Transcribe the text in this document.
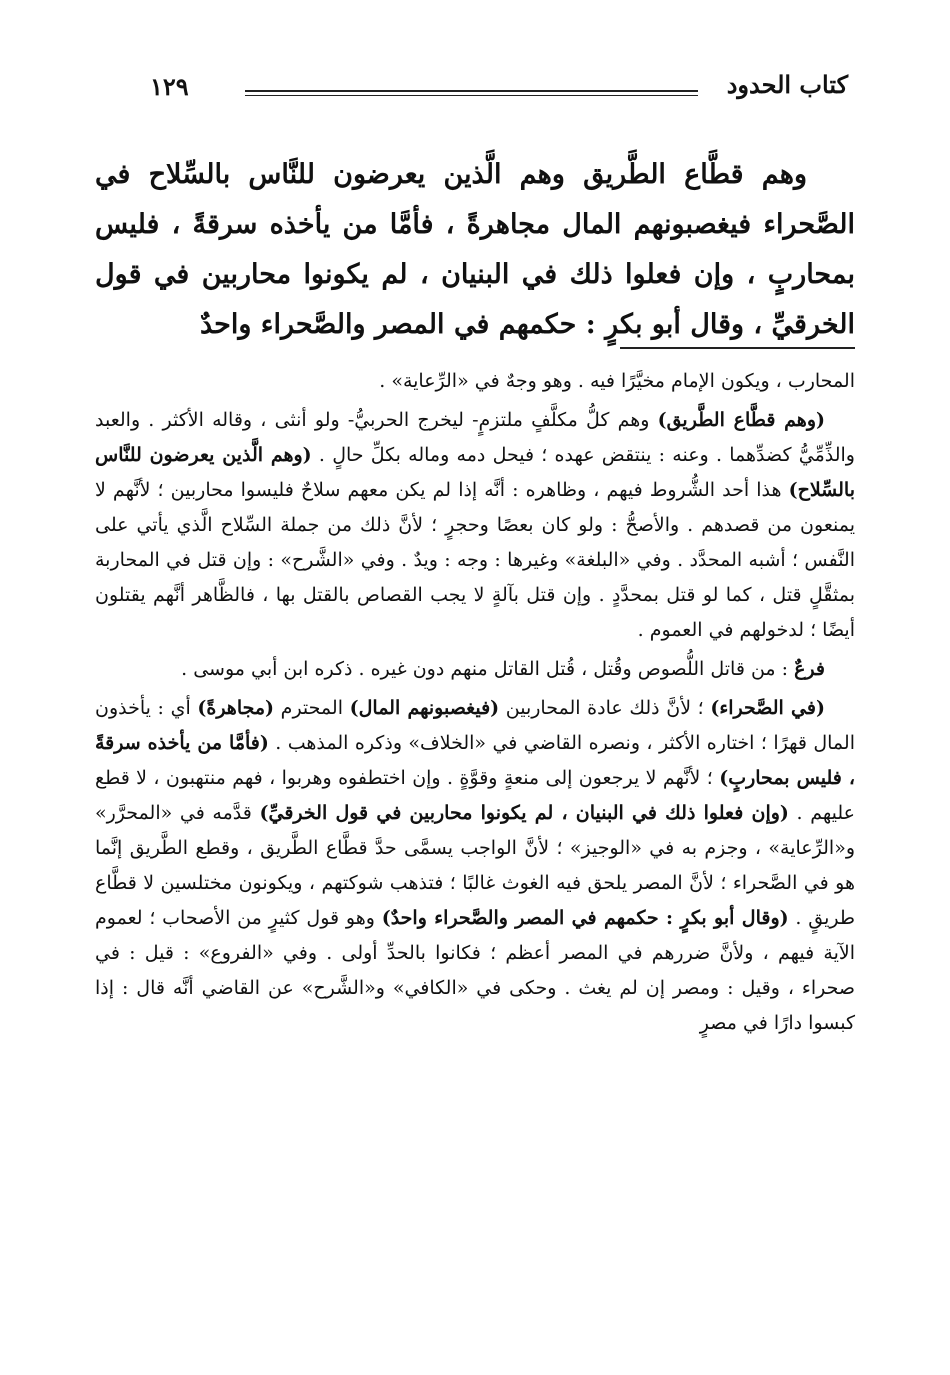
كتاب الحدود
١٢٩

وهم قطَّاع الطَّريق وهم الَّذين يعرضون للنَّاس بالسِّلاح في الصَّحراء فيغصبونهم المال مجاهرةً ، فأمَّا من يأخذه سرقةً ، فليس بمحاربٍ ، وإن فعلوا ذلك في البنيان ، لم يكونوا محاربين في قول الخرقيِّ ، وقال أبو بكرٍ : حكمهم في المصر والصَّحراء واحدٌ

المحارب ، ويكون الإمام مخيَّرًا فيه . وهو وجهٌ في «الرِّعاية» .

(وهم قطَّاع الطَّريق) وهم كلُّ مكلَّفٍ ملتزمٍ- ليخرج الحربيُّ- ولو أنثى ، وقاله الأكثر . والعبد والذِّمِّيُّ كضدِّهما . وعنه : ينتقض عهده ؛ فيحل دمه وماله بكلِّ حالٍ . (وهم الَّذين يعرضون للنَّاس بالسِّلاح) هذا أحد الشُّروط فيهم ، وظاهره : أنَّه إذا لم يكن معهم سلاحٌ فليسوا محاربين ؛ لأنَّهم لا يمنعون من قصدهم . والأصحُّ : ولو كان بعصًا وحجرٍ ؛ لأنَّ ذلك من جملة السِّلاح الَّذي يأتي على النَّفس ؛ أشبه المحدَّد . وفي «البلغة» وغيرها : وجه : ويدٌ . وفي «الشَّرح» : وإن قتل في المحاربة بمثقَّلٍ قتل ، كما لو قتل بمحدَّدٍ . وإن قتل بآلةٍ لا يجب القصاص بالقتل بها ، فالظَّاهر أنَّهم يقتلون أيضًا ؛ لدخولهم في العموم .

فرعٌ : من قاتل اللُّصوص وقُتل ، قُتل القاتل منهم دون غيره . ذكره ابن أبي موسى .

(في الصَّحراء) ؛ لأنَّ ذلك عادة المحاربين (فيغصبونهم المال) المحترم (مجاهرةً) أي : يأخذون المال قهرًا ؛ اختاره الأكثر ، ونصره القاضي في «الخلاف» وذكره المذهب . (فأمَّا من يأخذه سرقةً ، فليس بمحاربٍ) ؛ لأنَّهم لا يرجعون إلى منعةٍ وقوَّةٍ . وإن اختطفوه وهربوا ، فهم منتهبون ، لا قطع عليهم . (وإن فعلوا ذلك في البنيان ، لم يكونوا محاربين في قول الخرقيِّ) قدَّمه في «المحرَّر» و«الرِّعاية» ، وجزم به في «الوجيز» ؛ لأنَّ الواجب يسمَّى حدَّ قطَّاع الطَّريق ، وقطع الطَّريق إنَّما هو في الصَّحراء ؛ لأنَّ المصر يلحق فيه الغوث غالبًا ؛ فتذهب شوكتهم ، ويكونون مختلسين لا قطَّاع طريقٍ . (وقال أبو بكرٍ : حكمهم في المصر والصَّحراء واحدٌ) وهو قول كثيرٍ من الأصحاب ؛ لعموم الآية فيهم ، ولأنَّ ضررهم في المصر أعظم ؛ فكانوا بالحدِّ أولى . وفي «الفروع» : قيل : في صحراء ، وقيل : ومصر إن لم يغث . وحكى في «الكافي» و«الشَّرح» عن القاضي أنَّه قال : إذا كبسوا دارًا في مصرٍ
